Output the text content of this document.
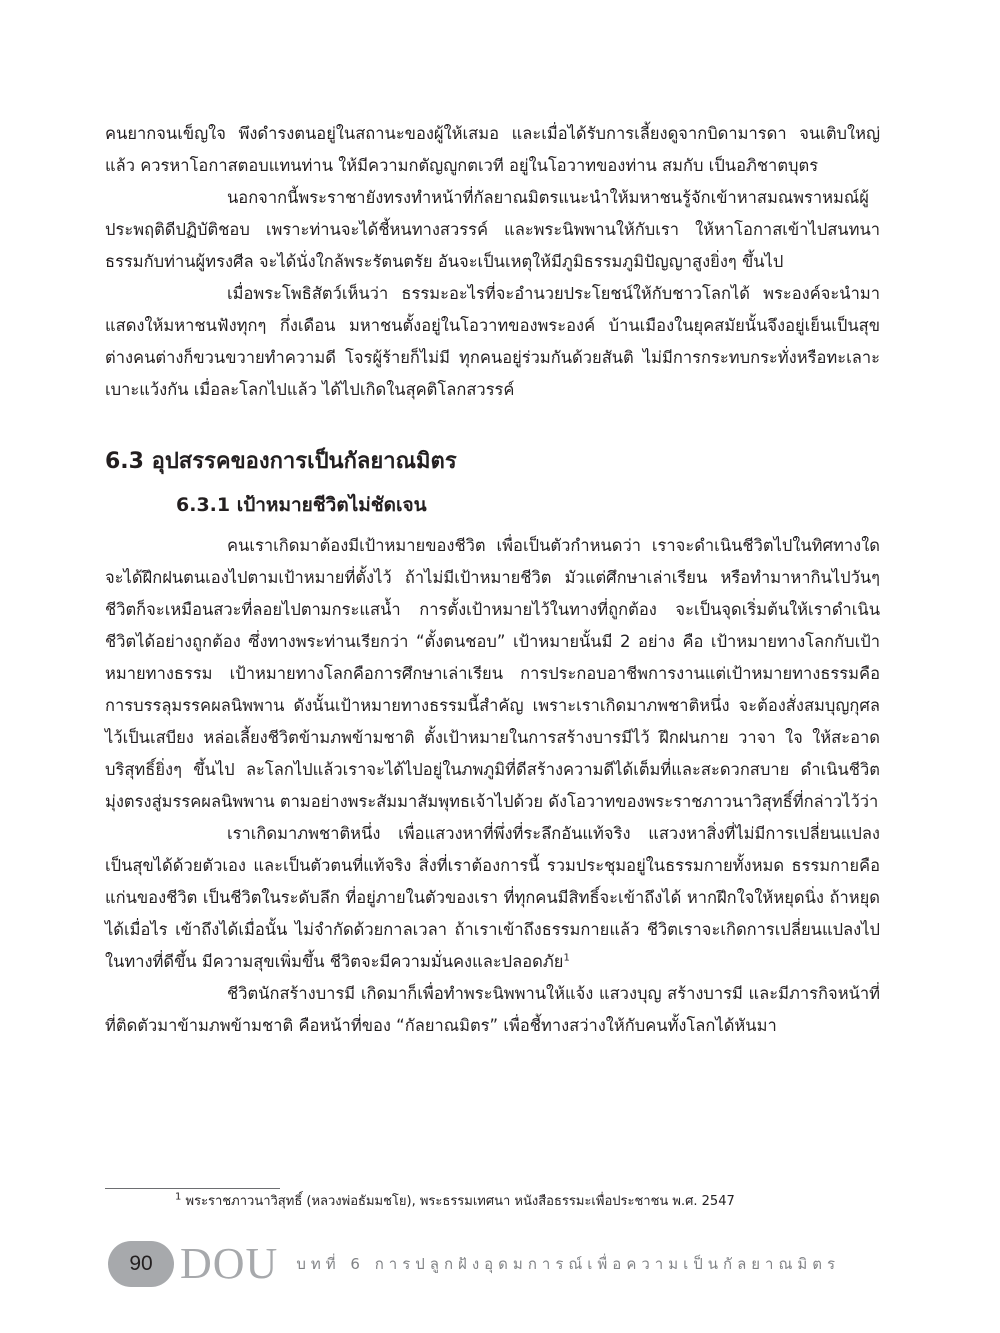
คนยากจนเข็ญใจ พึงดำรงตนอยู่ในสถานะของผู้ให้เสมอ และเมื่อได้รับการเลี้ยงดูจากบิดามารดา จนเติบใหญ่แล้ว ควรหาโอกาสตอบแทนท่าน ให้มีความกตัญญูกตเวที อยู่ในโอวาทของท่าน สมกับ เป็นอภิชาตบุตร

นอกจากนี้พระราชายังทรงทำหน้าที่กัลยาณมิตรแนะนำให้มหาชนรู้จักเข้าหาสมณพราหมณ์ผู้ประพฤติดีปฏิบัติชอบ เพราะท่านจะได้ชี้หนทางสวรรค์ และพระนิพพานให้กับเรา ให้หาโอกาสเข้าไปสนทนาธรรมกับท่านผู้ทรงศีล จะได้นั่งใกล้พระรัตนตรัย อันจะเป็นเหตุให้มีภูมิธรรมภูมิปัญญาสูงยิ่งๆ ขึ้นไป

เมื่อพระโพธิสัตว์เห็นว่า ธรรมะอะไรที่จะอำนวยประโยชน์ให้กับชาวโลกได้ พระองค์จะนำมาแสดงให้มหาชนฟังทุกๆ กึ่งเดือน มหาชนตั้งอยู่ในโอวาทของพระองค์ บ้านเมืองในยุคสมัยนั้นจึงอยู่เย็นเป็นสุข ต่างคนต่างก็ขวนขวายทำความดี โจรผู้ร้ายก็ไม่มี ทุกคนอยู่ร่วมกันด้วยสันติ ไม่มีการกระทบกระทั่งหรือทะเลาะเบาะแว้งกัน เมื่อละโลกไปแล้ว ได้ไปเกิดในสุคติโลกสวรรค์

6.3 อุปสรรคของการเป็นกัลยาณมิตร
6.3.1 เป้าหมายชีวิตไม่ชัดเจน

คนเราเกิดมาต้องมีเป้าหมายของชีวิต เพื่อเป็นตัวกำหนดว่า เราจะดำเนินชีวิตไปในทิศทางใดจะได้ฝึกฝนตนเองไปตามเป้าหมายที่ตั้งไว้ ถ้าไม่มีเป้าหมายชีวิต มัวแต่ศึกษาเล่าเรียน หรือทำมาหากินไปวันๆ ชีวิตก็จะเหมือนสวะที่ลอยไปตามกระแสน้ำ การตั้งเป้าหมายไว้ในทางที่ถูกต้อง จะเป็นจุดเริ่มต้นให้เราดำเนินชีวิตได้อย่างถูกต้อง ซึ่งทางพระท่านเรียกว่า “ตั้งตนชอบ” เป้าหมายนั้นมี 2 อย่าง คือ เป้าหมายทางโลกกับเป้าหมายทางธรรม เป้าหมายทางโลกคือการศึกษาเล่าเรียน การประกอบอาชีพการงานแต่เป้าหมายทางธรรมคือการบรรลุมรรคผลนิพพาน ดังนั้นเป้าหมายทางธรรมนี้สำคัญ เพราะเราเกิดมาภพชาติหนึ่ง จะต้องสั่งสมบุญกุศลไว้เป็นเสบียง หล่อเลี้ยงชีวิตข้ามภพข้ามชาติ ตั้งเป้าหมายในการสร้างบารมีไว้ ฝึกฝนกาย วาจา ใจ ให้สะอาดบริสุทธิ์ยิ่งๆ ขึ้นไป ละโลกไปแล้วเราจะได้ไปอยู่ในภพภูมิที่ดีสร้างความดีได้เต็มที่และสะดวกสบาย ดำเนินชีวิตมุ่งตรงสู่มรรคผลนิพพาน ตามอย่างพระสัมมาสัมพุทธเจ้าไปด้วย ดังโอวาทของพระราชภาวนาวิสุทธิ์ที่กล่าวไว้ว่า

เราเกิดมาภพชาติหนึ่ง เพื่อแสวงหาที่พึ่งที่ระลึกอันแท้จริง แสวงหาสิ่งที่ไม่มีการเปลี่ยนแปลงเป็นสุขได้ด้วยตัวเอง และเป็นตัวตนที่แท้จริง สิ่งที่เราต้องการนี้ รวมประชุมอยู่ในธรรมกายทั้งหมด ธรรมกายคือแก่นของชีวิต เป็นชีวิตในระดับลึก ที่อยู่ภายในตัวของเรา ที่ทุกคนมีสิทธิ์จะเข้าถึงได้ หากฝึกใจให้หยุดนิ่ง ถ้าหยุดได้เมื่อไร เข้าถึงได้เมื่อนั้น ไม่จำกัดด้วยกาลเวลา ถ้าเราเข้าถึงธรรมกายแล้ว ชีวิตเราจะเกิดการเปลี่ยนแปลงไปในทางที่ดีขึ้น มีความสุขเพิ่มขึ้น ชีวิตจะมีความมั่นคงและปลอดภัย$^1$

ชีวิตนักสร้างบารมี เกิดมาก็เพื่อทำพระนิพพานให้แจ้ง แสวงบุญ สร้างบารมี และมีภารกิจหน้าที่ที่ติดตัวมาข้ามภพข้ามชาติ คือหน้าที่ของ “กัลยาณมิตร” เพื่อชี้ทางสว่างให้กับคนทั้งโลกได้หันมา

$^1$ พระราชภาวนาวิสุทธิ์ (หลวงพ่อธัมมชโย), พระธรรมเทศนา หนังสือธรรมะเพื่อประชาชน พ.ศ. 2547
90 DOU บทที่ 6 การปลูกฝังอุดมการณ์เพื่อความเป็นกัลยาณมิตร
